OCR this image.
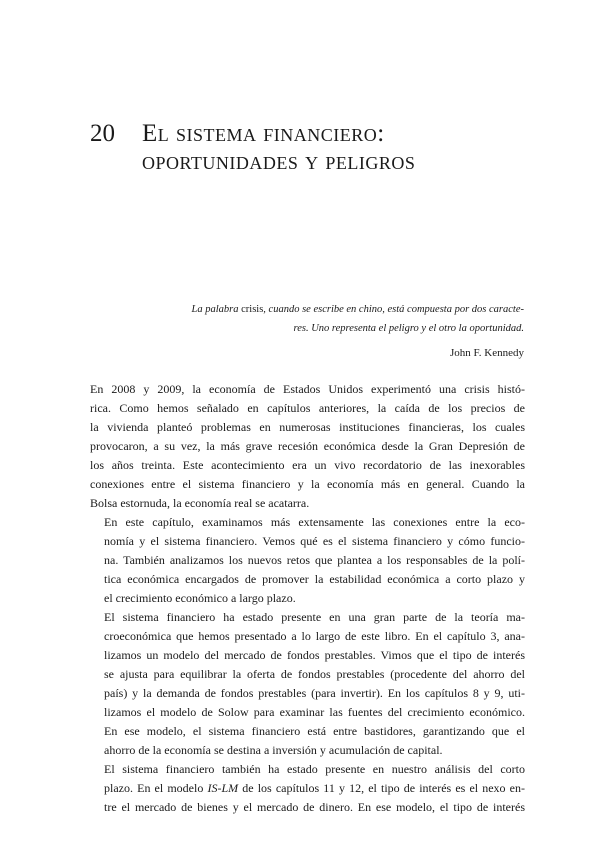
20 El sistema financiero:
oportunidades y peligros
La palabra crisis, cuando se escribe en chino, está compuesta por dos caracte-
res. Uno representa el peligro y el otro la oportunidad.
John F. Kennedy

En 2008 y 2009, la economía de Estados Unidos experimentó una crisis histó-
rica. Como hemos señalado en capítulos anteriores, la caída de los precios de
la vivienda planteó problemas en numerosas instituciones financieras, los cuales
provocaron, a su vez, la más grave recesión económica desde la Gran Depresión de
los años treinta. Este acontecimiento era un vivo recordatorio de las inexorables
conexiones entre el sistema financiero y la economía más en general. Cuando la
Bolsa estornuda, la economía real se acatarra.

En este capítulo, examinamos más extensamente las conexiones entre la eco-
nomía y el sistema financiero. Vemos qué es el sistema financiero y cómo funcio-
na. También analizamos los nuevos retos que plantea a los responsables de la polí-
tica económica encargados de promover la estabilidad económica a corto plazo y
el crecimiento económico a largo plazo.

El sistema financiero ha estado presente en una gran parte de la teoría ma-
croeconómica que hemos presentado a lo largo de este libro. En el capítulo 3, ana-
lizamos un modelo del mercado de fondos prestables. Vimos que el tipo de interés
se ajusta para equilibrar la oferta de fondos prestables (procedente del ahorro del
país) y la demanda de fondos prestables (para invertir). En los capítulos 8 y 9, uti-
lizamos el modelo de Solow para examinar las fuentes del crecimiento económico.
En ese modelo, el sistema financiero está entre bastidores, garantizando que el
ahorro de la economía se destina a inversión y acumulación de capital.

El sistema financiero también ha estado presente en nuestro análisis del corto
plazo. En el modelo IS-LM de los capítulos 11 y 12, el tipo de interés es el nexo en-
tre el mercado de bienes y el mercado de dinero. En ese modelo, el tipo de interés
